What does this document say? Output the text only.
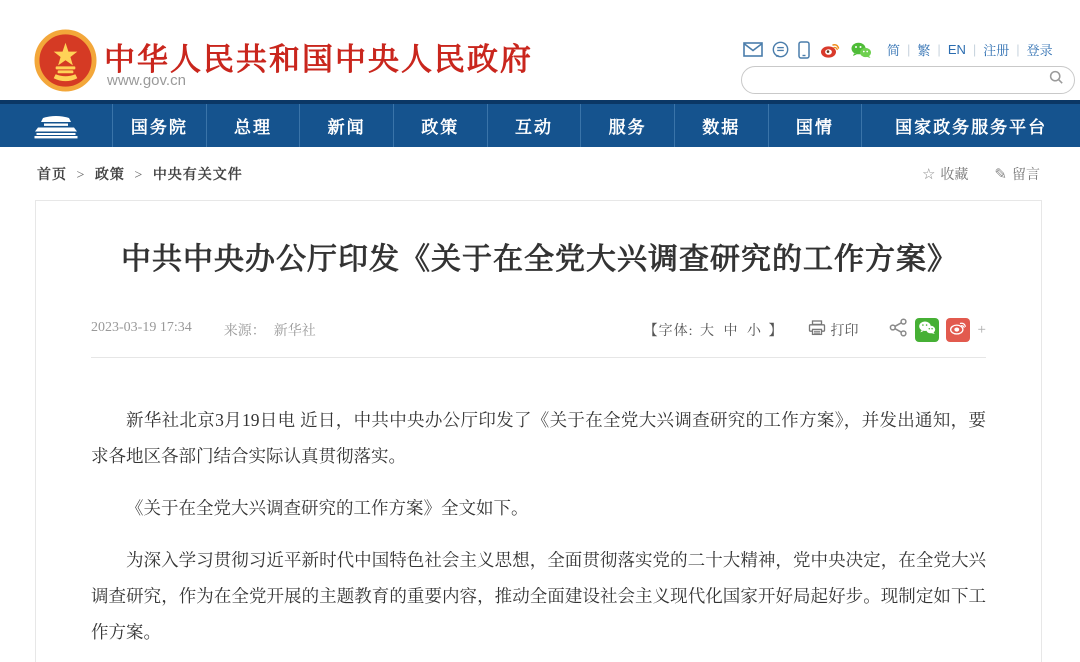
中华人民共和国中央人民政府
www.gov.cn
简 | 繁 | EN | 注册 | 登录
国务院	总理	新闻	政策	互动	服务	数据	国情	国家政务服务平台
首页 > 政策 > 中央有关文件	☆ 收藏 ✎ 留言
中共中央办公厅印发《关于在全党大兴调查研究的工作方案》
2023-03-19 17:34 来源： 新华社	【字体: 大 中 小 】	打印	+

新华社北京3月19日电 近日，中共中央办公厅印发了《关于在全党大兴调查研究的工作方案》，并发出通知，要求各地区各部门结合实际认真贯彻落实。

《关于在全党大兴调查研究的工作方案》全文如下。

为深入学习贯彻习近平新时代中国特色社会主义思想，全面贯彻落实党的二十大精神，党中央决定，在全党大兴调查研究，作为在全党开展的主题教育的重要内容，推动全面建设社会主义现代化国家开好局起好步。现制定如下工作方案。
